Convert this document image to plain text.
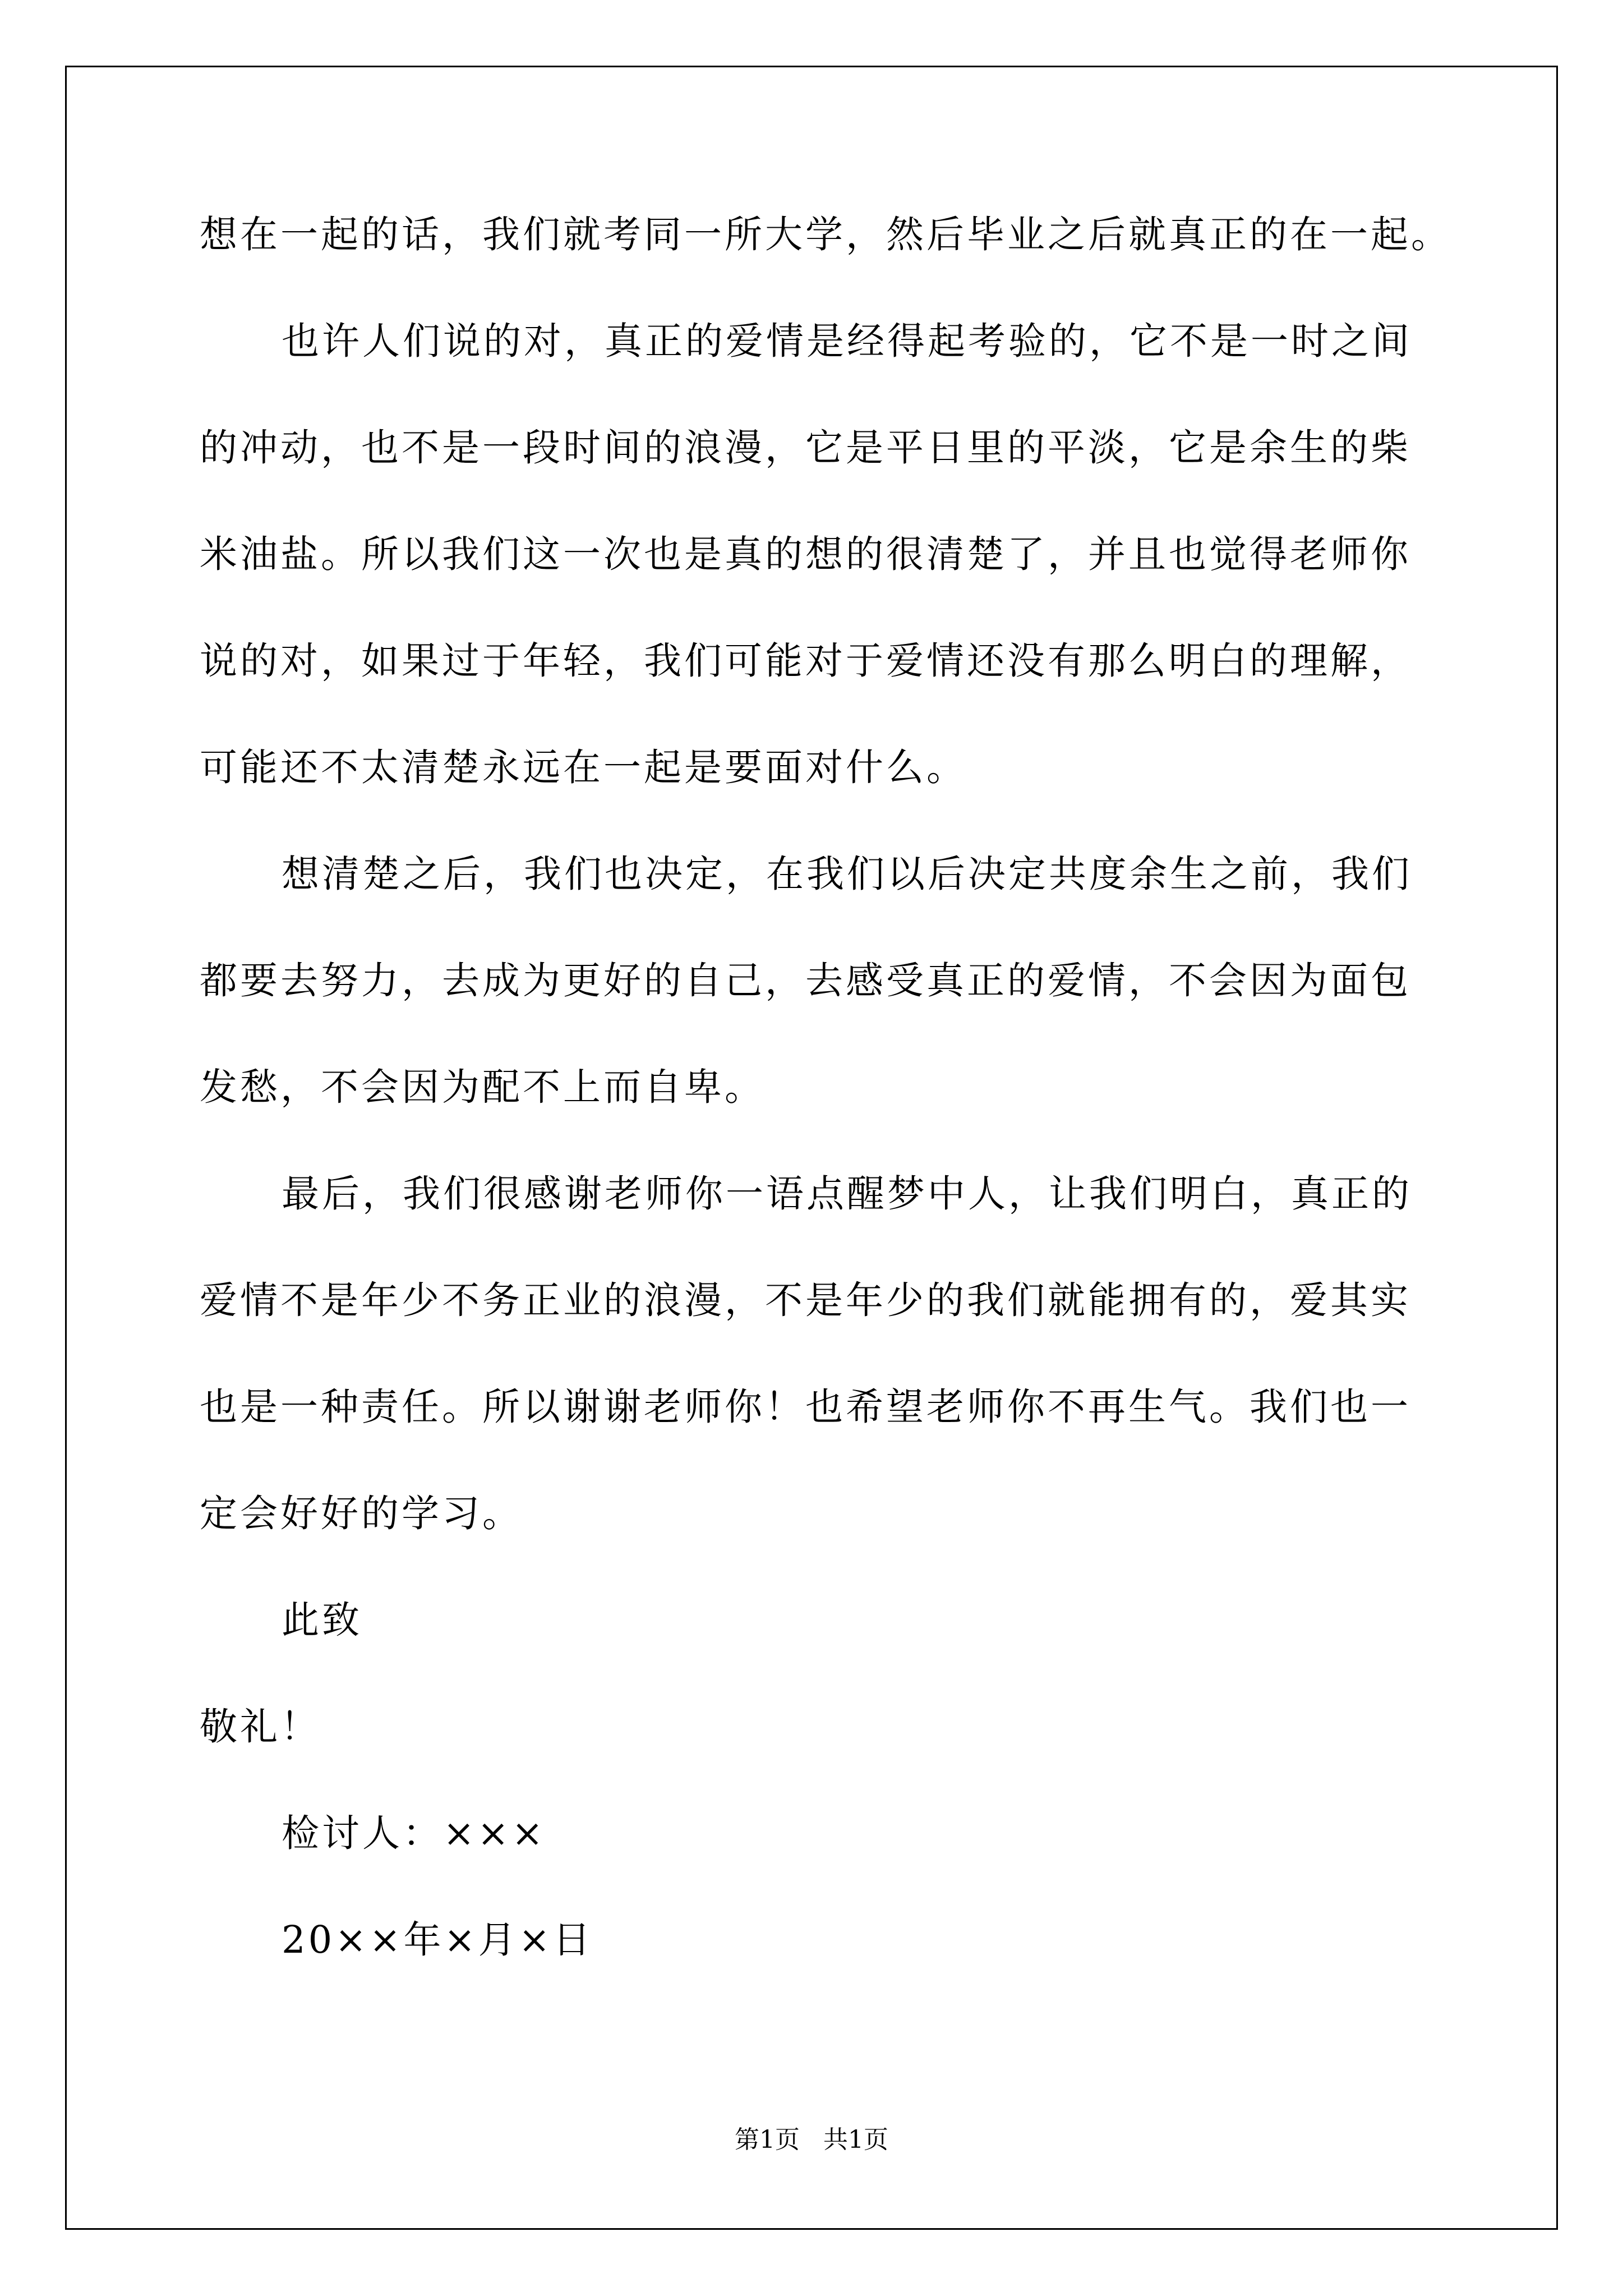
想在一起的话，我们就考同一所大学，然后毕业之后就真正的在一起。
也许人们说的对，真正的爱情是经得起考验的，它不是一时之间
的冲动，也不是一段时间的浪漫，它是平日里的平淡，它是余生的柴
米油盐。所以我们这一次也是真的想的很清楚了，并且也觉得老师你
说的对，如果过于年轻，我们可能对于爱情还没有那么明白的理解，
可能还不太清楚永远在一起是要面对什么。
想清楚之后，我们也决定，在我们以后决定共度余生之前，我们
都要去努力，去成为更好的自己，去感受真正的爱情，不会因为面包
发愁，不会因为配不上而自卑。
最后，我们很感谢老师你一语点醒梦中人，让我们明白，真正的
爱情不是年少不务正业的浪漫，不是年少的我们就能拥有的，爱其实
也是一种责任。所以谢谢老师你！也希望老师你不再生气。我们也一
定会好好的学习。
此致
敬礼！
检讨人：×××
20××年×月×日
第1页 共1页
